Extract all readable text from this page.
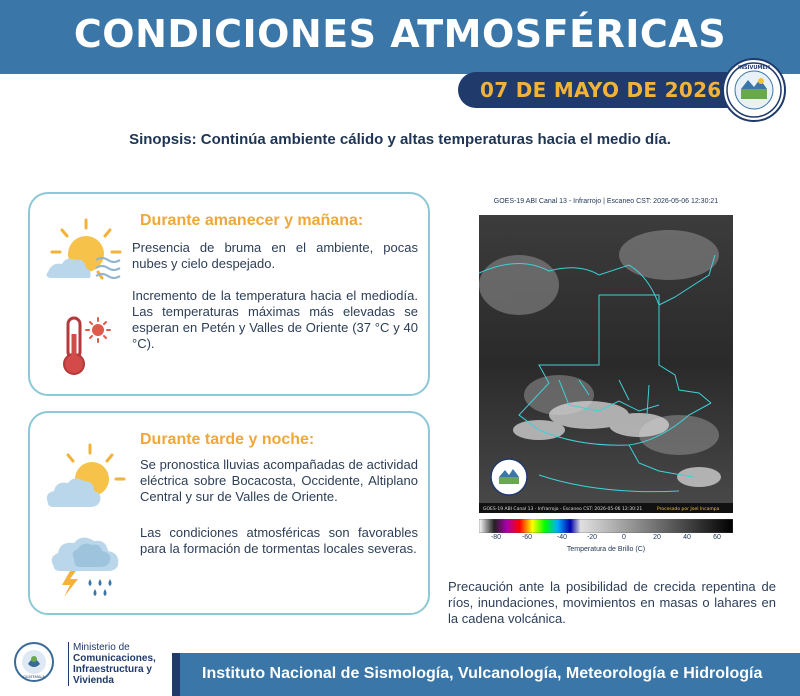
CONDICIONES ATMOSFÉRICAS
07 DE MAYO DE 2026
INSIVUMEH
Sinopsis: Continúa ambiente cálido y altas temperaturas hacia el medio día.
Durante amanecer y mañana:
Presencia de bruma en el ambiente, pocas nubes y cielo despejado.
Incremento de la temperatura hacia el mediodía. Las temperaturas máximas más elevadas se esperan en Petén y Valles de Oriente (37 °C y 40 °C).
Durante tarde y noche:
Se pronostica lluvias acompañadas de actividad eléctrica sobre Bocacosta, Occidente, Altiplano Central y sur de Valles de Oriente.
Las condiciones atmosféricas son favorables para la formación de tormentas locales severas.
GOES-19 ABI Canal 13 - Infrarrojo | Escaneo CST: 2026-05-06 12:30:21
GOES-19 ABI Canal 13 - Infrarrojo - Escaneo CST: 2026-05-06 12:30:21	Procesado por Joel Incampa
-80	-60	-40	-20	0	20	40	60
Temperatura de Brillo (C)
Precaución ante la posibilidad de crecida repentina de ríos, inundaciones, movimientos en masas o lahares en la cadena volcánica.
GUATEMALA
Ministerio de
Comunicaciones,
Infraestructura y
Vivienda	Instituto Nacional de Sismología, Vulcanología, Meteorología e Hidrología
